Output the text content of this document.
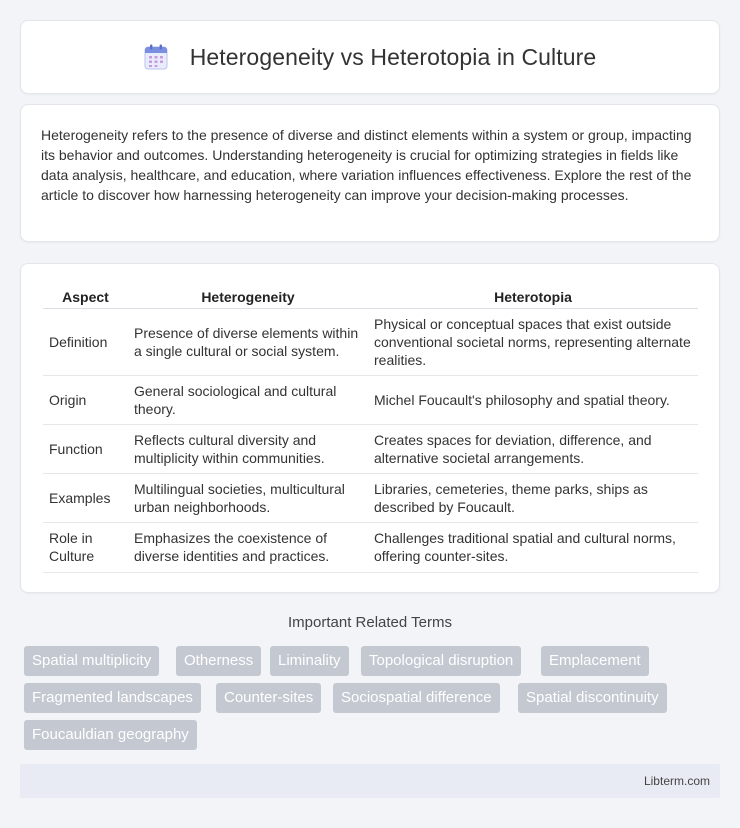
Heterogeneity vs Heterotopia in Culture

Heterogeneity refers to the presence of diverse and distinct elements within a system or group, impacting its behavior and outcomes. Understanding heterogeneity is crucial for optimizing strategies in fields like data analysis, healthcare, and education, where variation influences effectiveness. Explore the rest of the article to discover how harnessing heterogeneity can improve your decision-making processes.

Aspect	Heterogeneity	Heterotopia
Definition	Presence of diverse elements within a single cultural or social system.	Physical or conceptual spaces that exist outside conventional societal norms, representing alternate realities.
Origin	General sociological and cultural theory.	Michel Foucault's philosophy and spatial theory.
Function	Reflects cultural diversity and multiplicity within communities.	Creates spaces for deviation, difference, and alternative societal arrangements.
Examples	Multilingual societies, multicultural urban neighborhoods.	Libraries, cemeteries, theme parks, ships as described by Foucault.
Role in Culture	Emphasizes the coexistence of diverse identities and practices.	Challenges traditional spatial and cultural norms, offering counter-sites.
Important Related Terms
Spatial multiplicity	Otherness	Liminality	Topological disruption	Emplacement
Fragmented landscapes	Counter-sites	Sociospatial difference	Spatial discontinuity
Foucauldian geography
Libterm.com
